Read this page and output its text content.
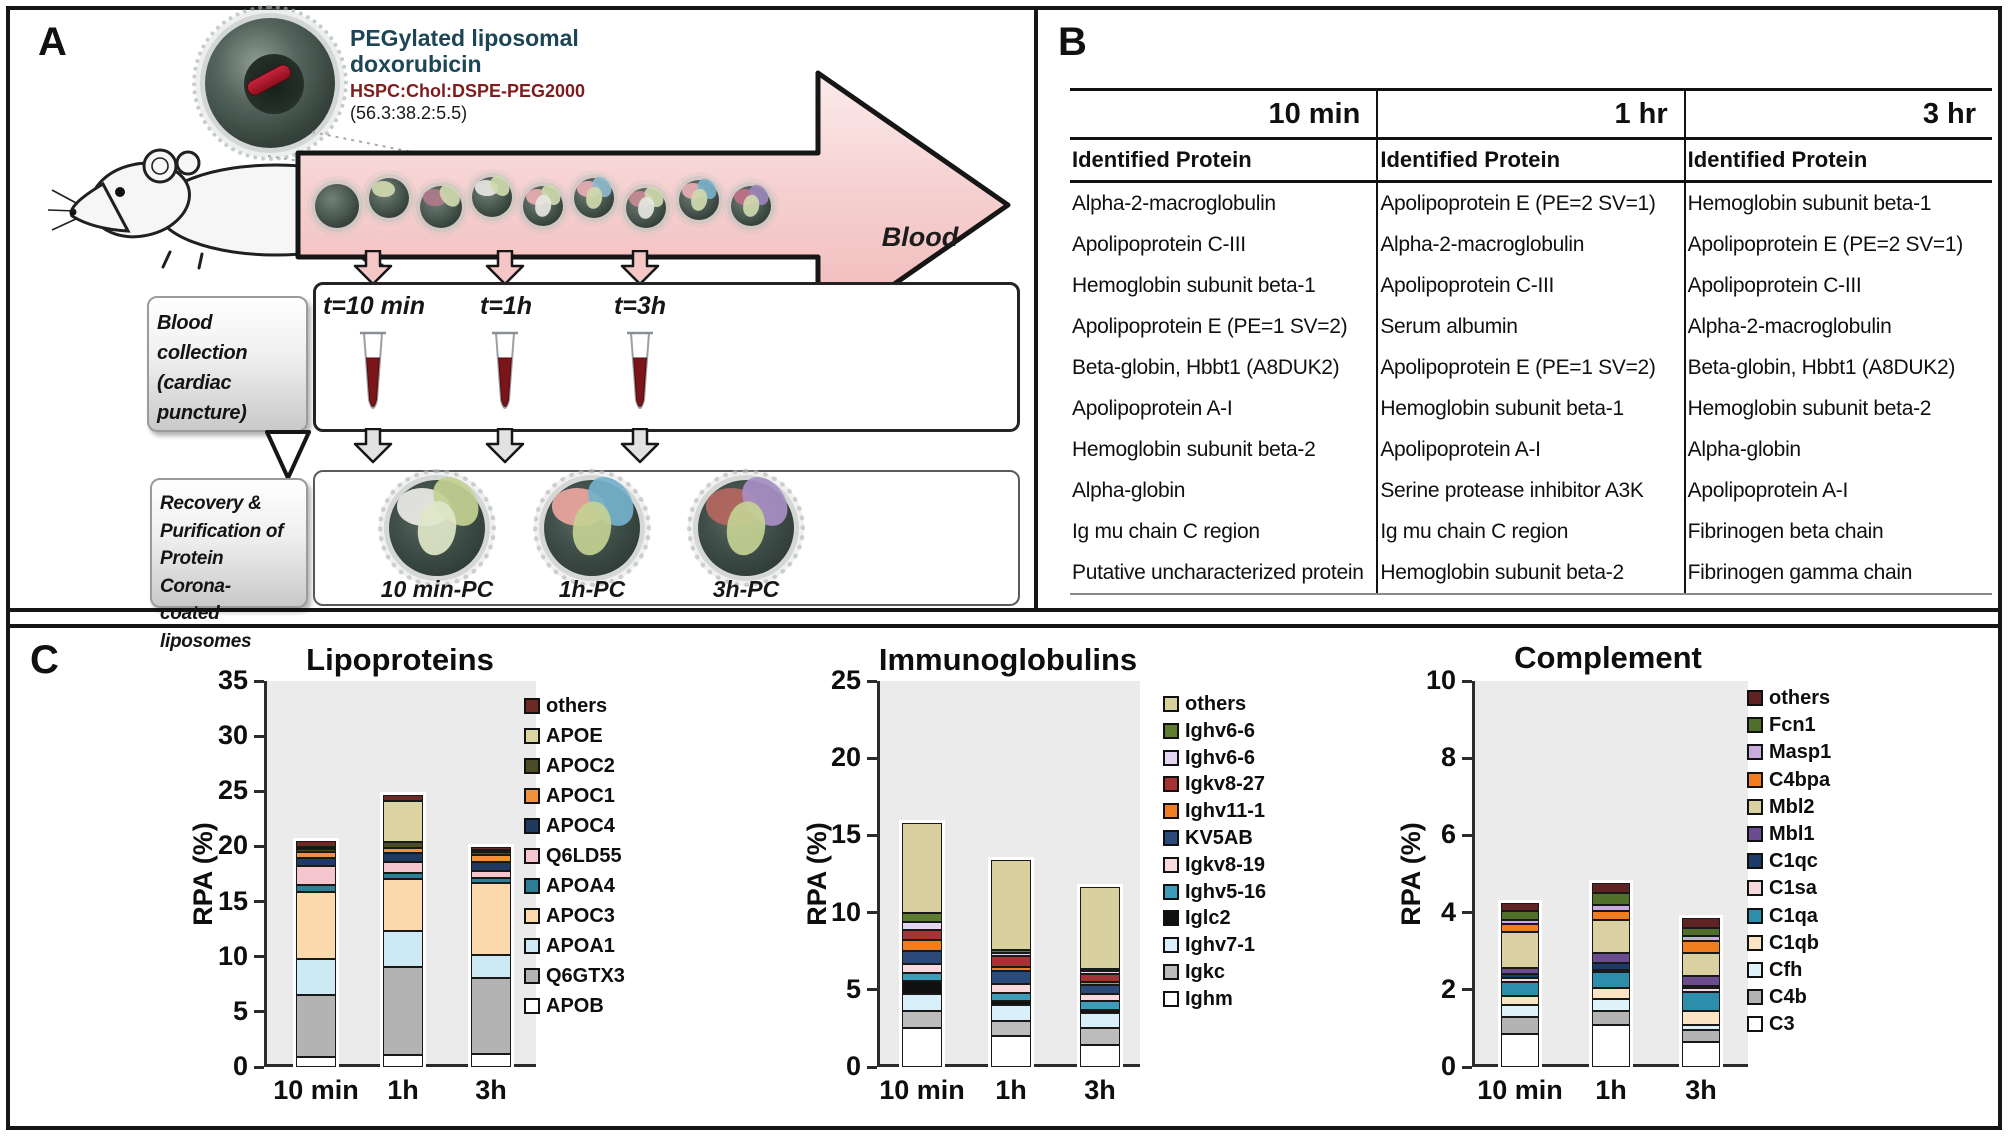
A	PEGylated liposomal
doxorubicin
HSPC:Chol:DSPE-PEG2000
(56.3:38.2:5.5)
Blood
t=10 min	t=1h	t=3h
10 min-PC	1h-PC	3h-PC
Blood collection
(cardiac
puncture)
Recovery &
Purification of
Protein Corona-
coated liposomes
B
10 min	1 hr	3 hr
Identified Protein	Identified Protein	Identified Protein
Alpha-2-macroglobulin	Apolipoprotein E (PE=2 SV=1)	Hemoglobin subunit beta-1
Apolipoprotein C-III	Alpha-2-macroglobulin	Apolipoprotein E (PE=2 SV=1)
Hemoglobin subunit beta-1	Apolipoprotein C-III	Apolipoprotein C-III
Apolipoprotein E (PE=1 SV=2)	Serum albumin	Alpha-2-macroglobulin
Beta-globin, Hbbt1 (A8DUK2)	Apolipoprotein E (PE=1 SV=2)	Beta-globin, Hbbt1 (A8DUK2)
Apolipoprotein A-I	Hemoglobin subunit beta-1	Hemoglobin subunit beta-2
Hemoglobin subunit beta-2	Apolipoprotein A-I	Alpha-globin
Alpha-globin	Serine protease inhibitor A3K	Apolipoprotein A-I
Ig mu chain C region	Ig mu chain C region	Fibrinogen beta chain
Putative uncharacterized protein	Hemoglobin subunit beta-2	Fibrinogen gamma chain
C	Lipoproteins
RPA (%)
0
5
10
15
20
25
30
35
10 min	1h	3h
others
APOE
APOC2
APOC1
APOC4
Q6LD55
APOA4
APOC3
APOA1
Q6GTX3
APOB
Immunoglobulins
RPA (%)
0
5
10
15
20
25
10 min	1h	3h
others
Ighv6-6
Ighv6-6
Igkv8-27
Ighv11-1
KV5AB
Igkv8-19
Ighv5-16
Iglc2
Ighv7-1
Igkc
Ighm
Complement
RPA (%)
0
2
4
6
8
10
10 min	1h	3h
others
Fcn1
Masp1
C4bpa
Mbl2
Mbl1
C1qc
C1sa
C1qa
C1qb
Cfh
C4b
C3
